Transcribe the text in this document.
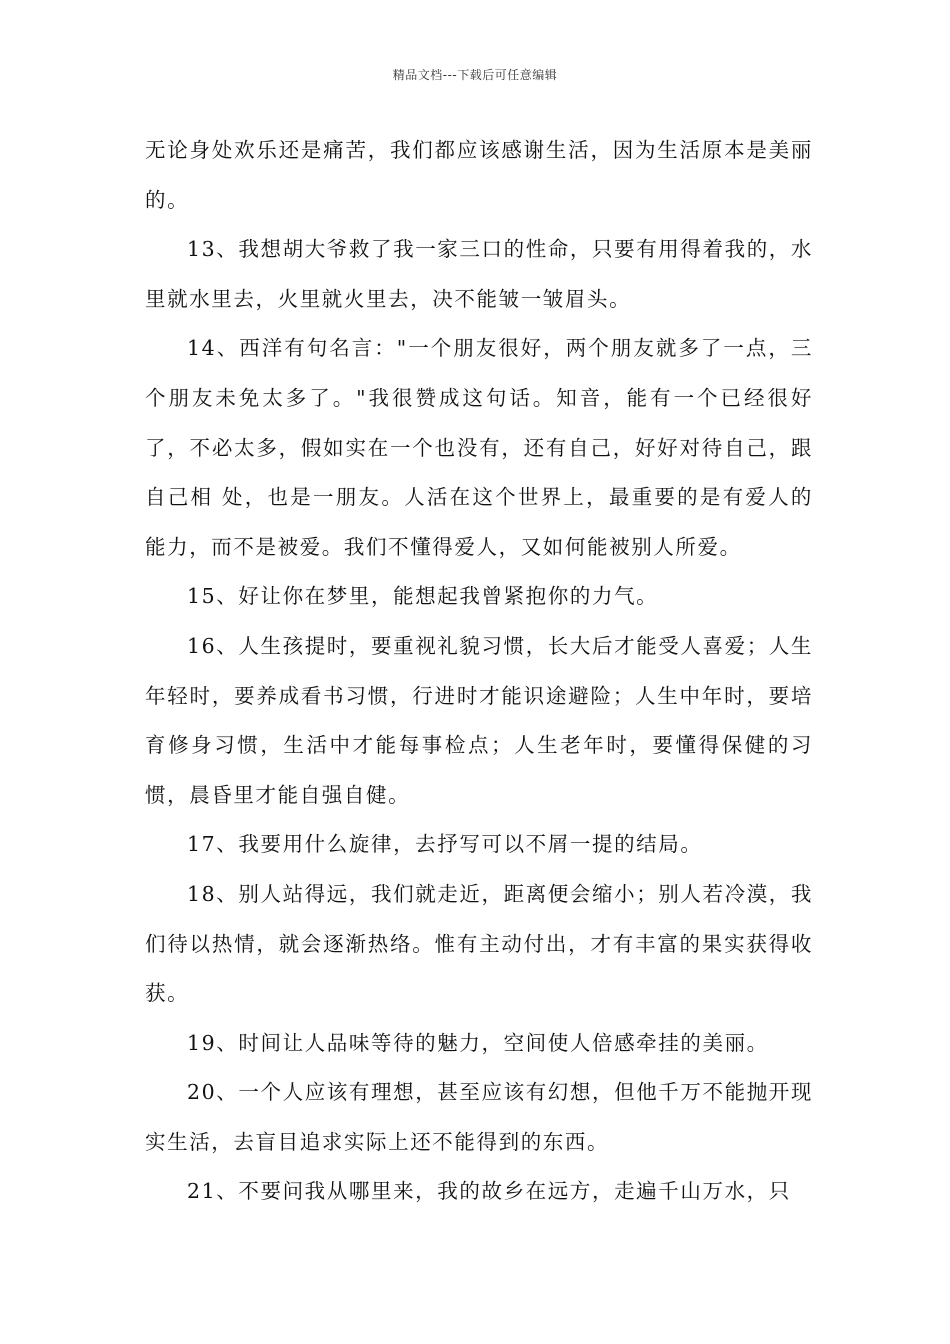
精品文档---下载后可任意编辑

无论身处欢乐还是痛苦，我们都应该感谢生活，因为生活原本是美丽的。

13、我想胡大爷救了我一家三口的性命，只要有用得着我的，水里就水里去，火里就火里去，决不能皱一皱眉头。

14、西洋有句名言："一个朋友很好，两个朋友就多了一点，三个朋友未免太多了。"我很赞成这句话。知音，能有一个已经很好了，不必太多，假如实在一个也没有，还有自己，好好对待自己，跟自己相 处，也是一朋友。人活在这个世界上，最重要的是有爱人的能力，而不是被爱。我们不懂得爱人，又如何能被别人所爱。

15、好让你在梦里，能想起我曾紧抱你的力气。

16、人生孩提时，要重视礼貌习惯，长大后才能受人喜爱；人生年轻时，要养成看书习惯，行进时才能识途避险；人生中年时，要培育修身习惯，生活中才能每事检点；人生老年时，要懂得保健的习惯，晨昏里才能自强自健。

17、我要用什么旋律，去抒写可以不屑一提的结局。

18、别人站得远，我们就走近，距离便会缩小；别人若冷漠，我们待以热情，就会逐渐热络。惟有主动付出，才有丰富的果实获得收获。

19、时间让人品味等待的魅力，空间使人倍感牵挂的美丽。

20、一个人应该有理想，甚至应该有幻想，但他千万不能抛开现实生活，去盲目追求实际上还不能得到的东西。

21、不要问我从哪里来，我的故乡在远方，走遍千山万水，只
